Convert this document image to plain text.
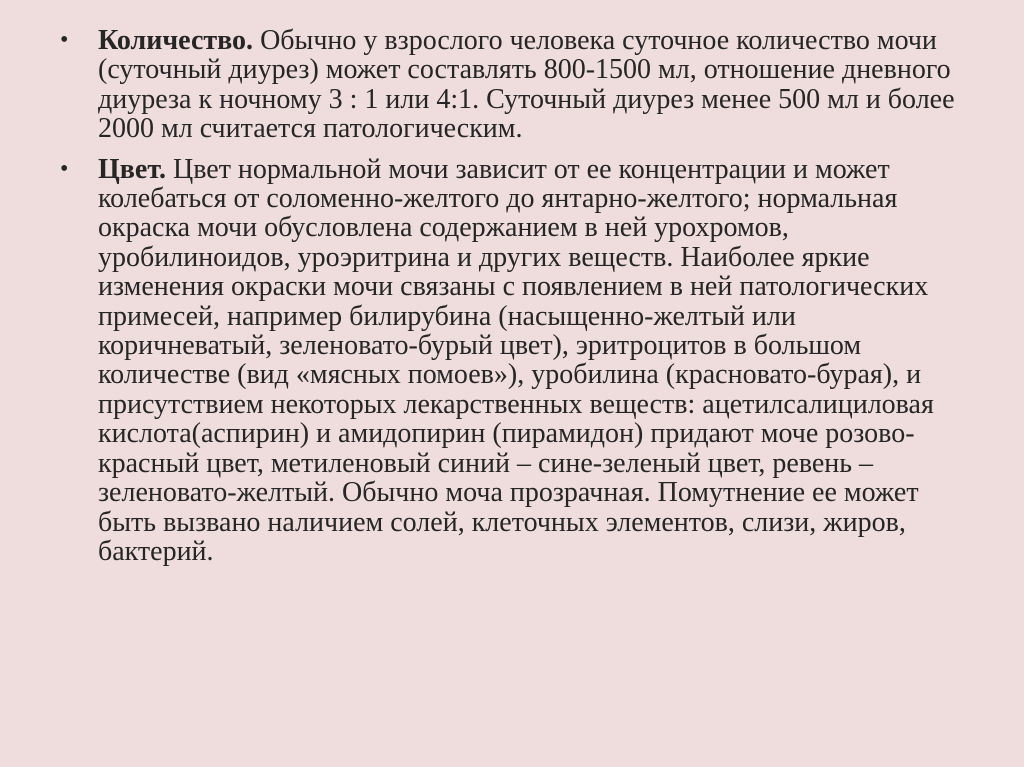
• Количество. Обычно у взрослого человека суточное количество мочи (суточный диурез) может составлять 800-1500 мл, отношение дневного диуреза к ночному 3 : 1 или 4:1. Суточный диурез менее 500 мл и более 2000 мл считается патологическим.
• Цвет. Цвет нормальной мочи зависит от ее концентрации и может колебаться от соломенно-желтого до янтарно-желтого; нормальная окраска мочи обусловлена содержанием в ней урохромов, уробилиноидов, уроэритрина и других веществ. Наиболее яркие изменения окраски мочи связаны с появлением в ней патологических примесей, например билирубина (насыщенно-желтый или коричневатый, зеленовато-бурый цвет), эритроцитов в большом количестве (вид «мясных помоев»), уробилина (красновато-бурая), и присутствием некоторых лекарственных веществ: ацетилсалициловая кислота(аспирин) и амидопирин (пирамидон) придают моче розово-красный цвет, метиленовый синий – сине-зеленый цвет, ревень – зеленовато-желтый. Обычно моча прозрачная. Помутнение ее может быть вызвано наличием солей, клеточных элементов, слизи, жиров, бактерий.
